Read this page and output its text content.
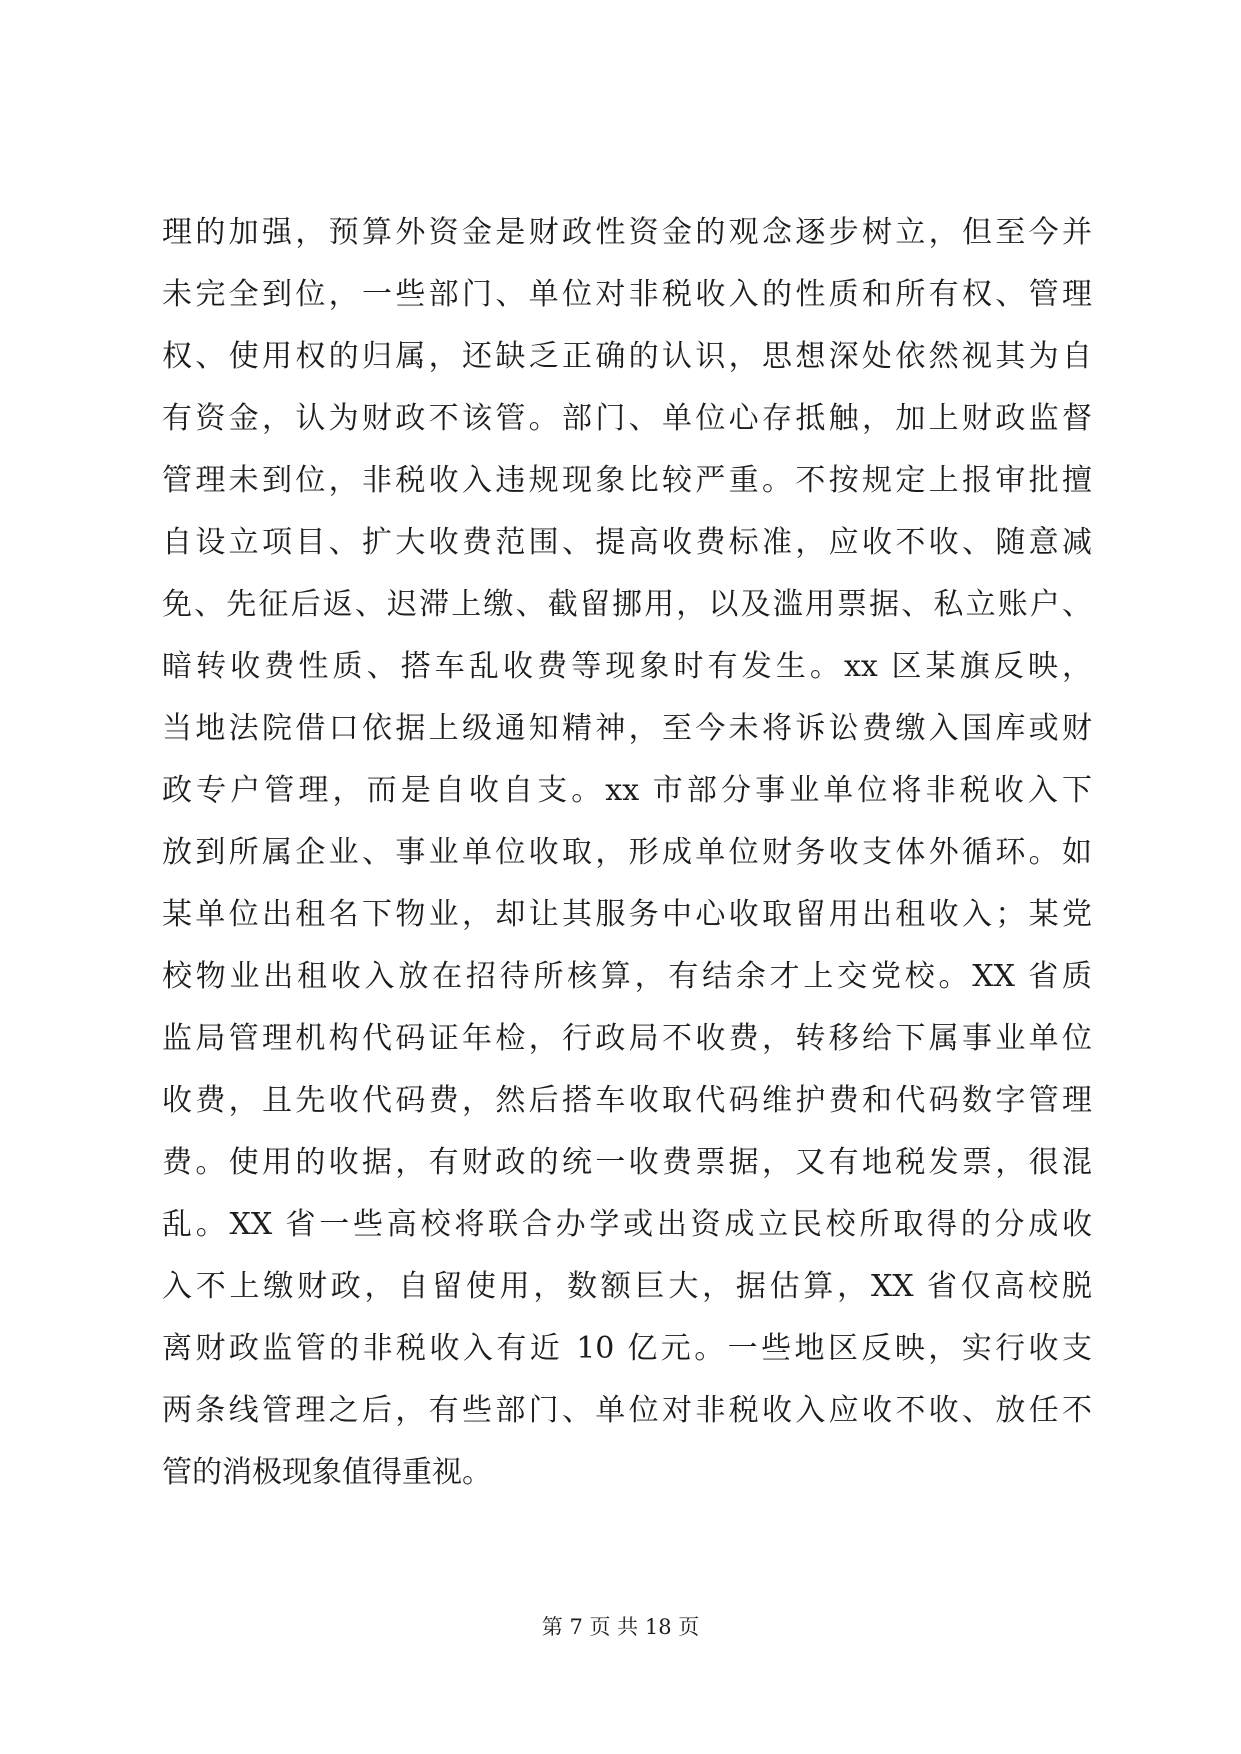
理的加强，预算外资金是财政性资金的观念逐步树立，但至今并
未完全到位，一些部门、单位对非税收入的性质和所有权、管理
权、使用权的归属，还缺乏正确的认识，思想深处依然视其为自
有资金，认为财政不该管。部门、单位心存抵触，加上财政监督
管理未到位，非税收入违规现象比较严重。不按规定上报审批擅
自设立项目、扩大收费范围、提高收费标准，应收不收、随意减
免、先征后返、迟滞上缴、截留挪用，以及滥用票据、私立账户、
暗转收费性质、搭车乱收费等现象时有发生。xx 区某旗反映，
当地法院借口依据上级通知精神，至今未将诉讼费缴入国库或财
政专户管理，而是自收自支。xx 市部分事业单位将非税收入下
放到所属企业、事业单位收取，形成单位财务收支体外循环。如
某单位出租名下物业，却让其服务中心收取留用出租收入；某党
校物业出租收入放在招待所核算，有结余才上交党校。XX 省质
监局管理机构代码证年检，行政局不收费，转移给下属事业单位
收费，且先收代码费，然后搭车收取代码维护费和代码数字管理
费。使用的收据，有财政的统一收费票据，又有地税发票，很混
乱。XX 省一些高校将联合办学或出资成立民校所取得的分成收
入不上缴财政，自留使用，数额巨大，据估算，XX 省仅高校脱
离财政监管的非税收入有近 10 亿元。一些地区反映，实行收支
两条线管理之后，有些部门、单位对非税收入应收不收、放任不
管的消极现象值得重视。
第 7 页 共 18 页
